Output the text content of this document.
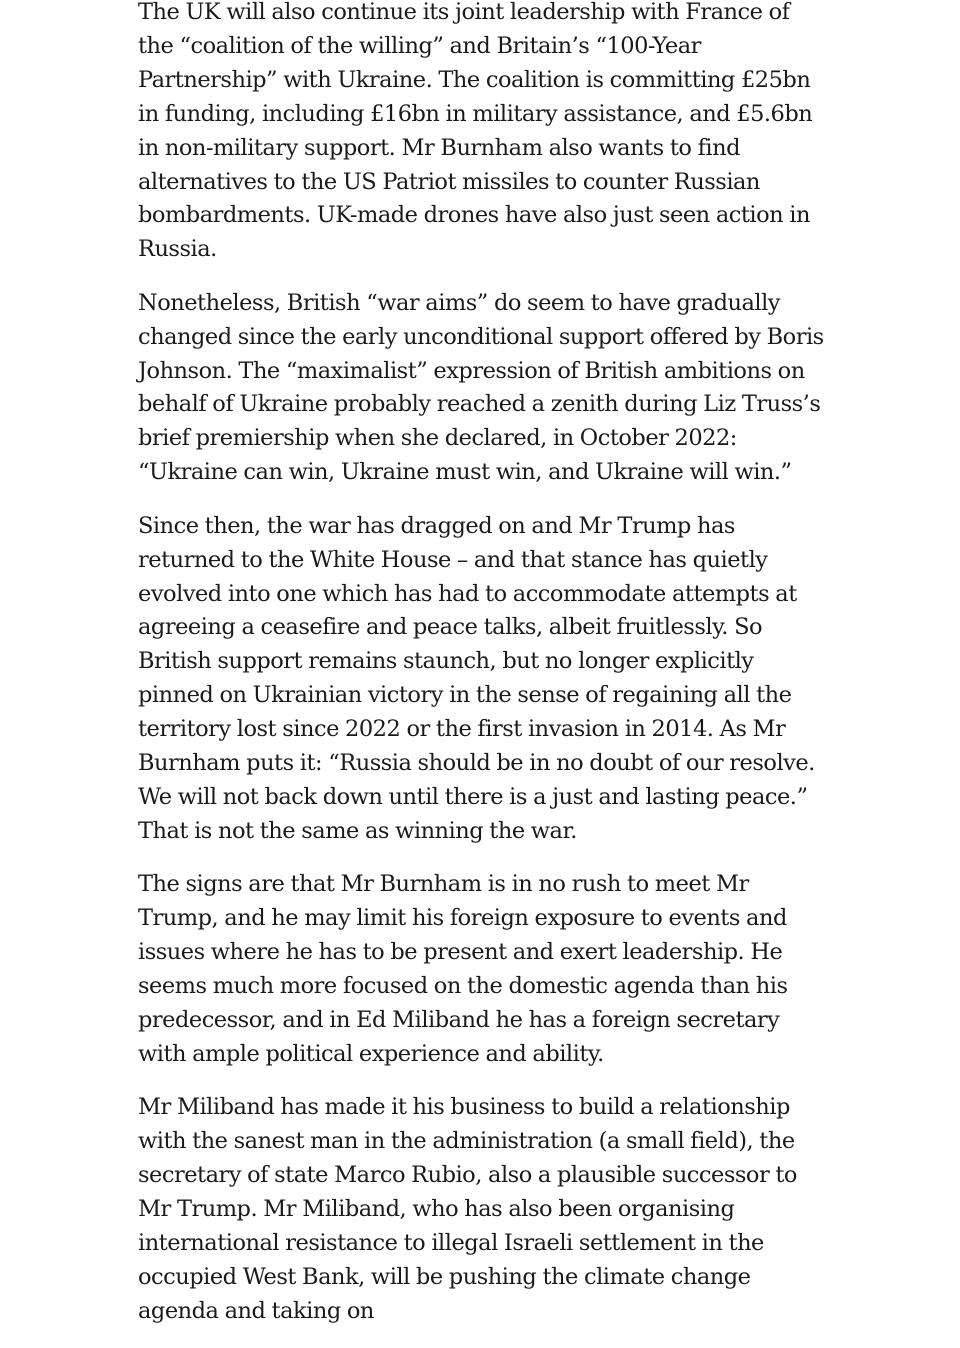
The UK will also continue its joint leadership with France of the “coalition of the willing” and Britain’s “100-Year Partnership” with Ukraine. The coalition is committing £25bn in funding, including £16bn in military assistance, and £5.6bn in non-military support. Mr Burnham also wants to find alternatives to the US Patriot missiles to counter Russian bombardments. UK-made drones have also just seen action in Russia.

Nonetheless, British “war aims” do seem to have gradually changed since the early unconditional support offered by Boris Johnson. The “maximalist” expression of British ambitions on behalf of Ukraine probably reached a zenith during Liz Truss’s brief premiership when she declared, in October 2022: “Ukraine can win, Ukraine must win, and Ukraine will win.”

Since then, the war has dragged on and Mr Trump has returned to the White House – and that stance has quietly evolved into one which has had to accommodate attempts at agreeing a ceasefire and peace talks, albeit fruitlessly. So British support remains staunch, but no longer explicitly pinned on Ukrainian victory in the sense of regaining all the territory lost since 2022 or the first invasion in 2014. As Mr Burnham puts it: “Russia should be in no doubt of our resolve. We will not back down until there is a just and lasting peace.” That is not the same as winning the war.

The signs are that Mr Burnham is in no rush to meet Mr Trump, and he may limit his foreign exposure to events and issues where he has to be present and exert leadership. He seems much more focused on the domestic agenda than his predecessor, and in Ed Miliband he has a foreign secretary with ample political experience and ability.

Mr Miliband has made it his business to build a relationship with the sanest man in the administration (a small field), the secretary of state Marco Rubio, also a plausible successor to Mr Trump. Mr Miliband, who has also been organising international resistance to illegal Israeli settlement in the occupied West Bank, will be pushing the climate change agenda and taking on
